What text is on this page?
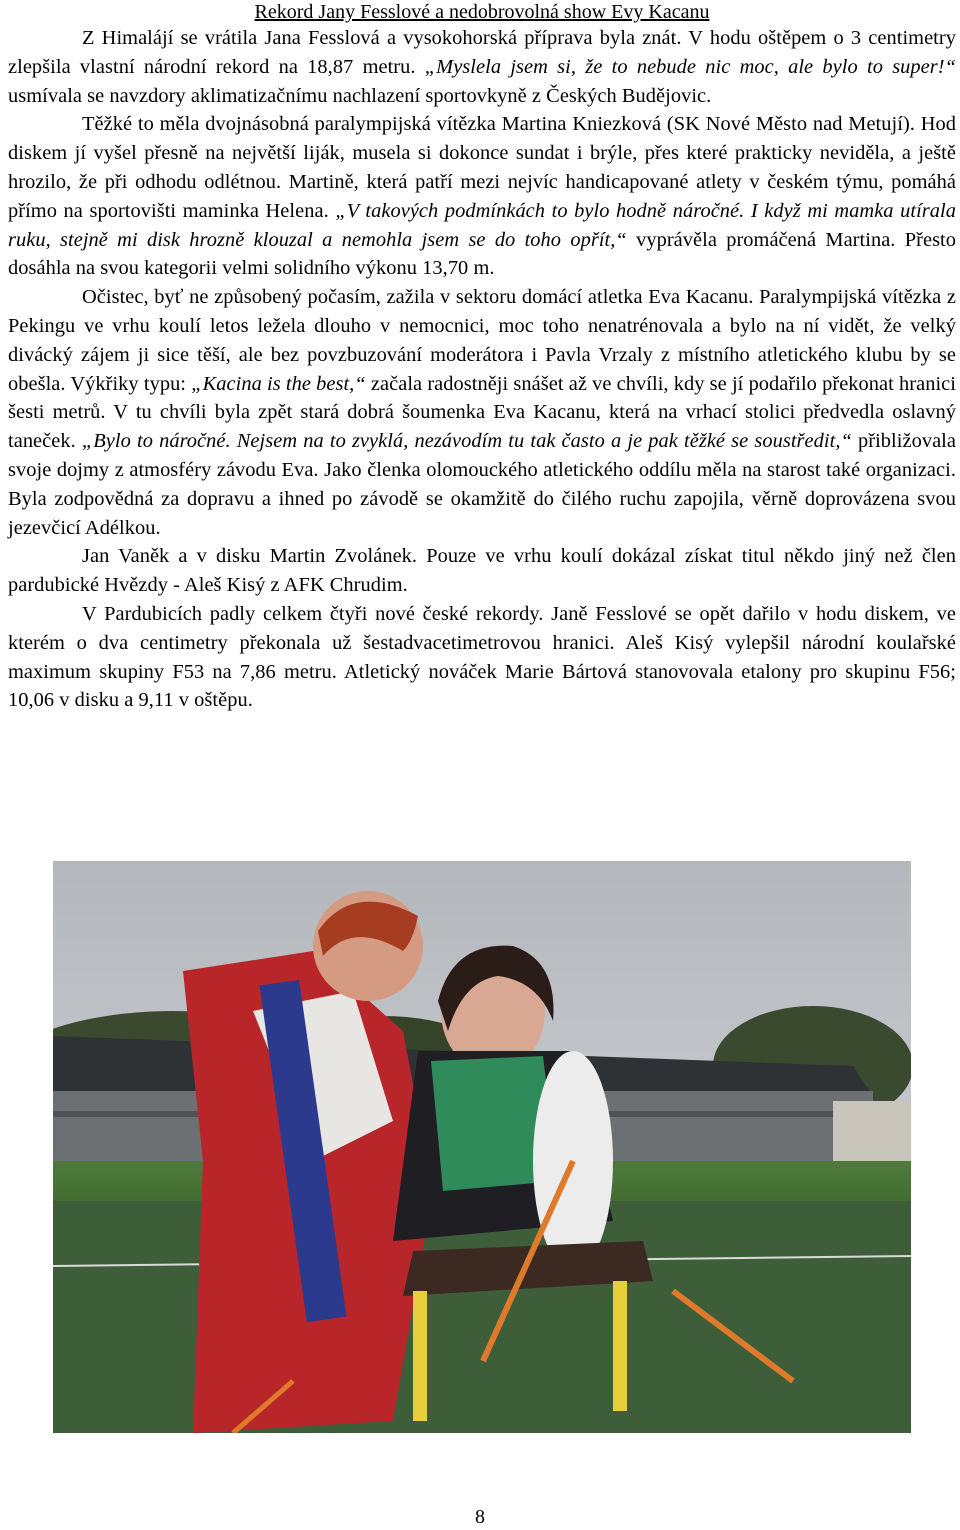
Rekord Jany Fesslové a nedobrovolná show Evy Kacanu

Z Himalájí se vrátila Jana Fesslová a vysokohorská příprava byla znát. V hodu oštěpem o 3 centimetry zlepšila vlastní národní rekord na 18,87 metru. „Myslela jsem si, že to nebude nic moc, ale bylo to super!“ usmívala se navzdory aklimatizačnímu nachlazení sportovkyně z Českých Budějovic.

Těžké to měla dvojnásobná paralympijská vítězka Martina Kniezková (SK Nové Město nad Metují). Hod diskem jí vyšel přesně na největší liják, musela si dokonce sundat i brýle, přes které prakticky neviděla, a ještě hrozilo, že při odhodu odlétnou. Martině, která patří mezi nejvíc handicapované atlety v českém týmu, pomáhá přímo na sportovišti maminka Helena. „V takových podmínkách to bylo hodně náročné. I když mi mamka utírala ruku, stejně mi disk hrozně klouzal a nemohla jsem se do toho opřít,“ vyprávěla promáčená Martina. Přesto dosáhla na svou kategorii velmi solidního výkonu 13,70 m.

Očistec, byť ne způsobený počasím, zažila v sektoru domácí atletka Eva Kacanu. Paralympijská vítězka z Pekingu ve vrhu koulí letos ležela dlouho v nemocnici, moc toho nenatrénovala a bylo na ní vidět, že velký divácký zájem ji sice těší, ale bez povzbuzování moderátora i Pavla Vrzaly z místního atletického klubu by se obešla. Výkřiky typu: „Kacina is the best,“ začala radostněji snášet až ve chvíli, kdy se jí podařilo překonat hranici šesti metrů. V tu chvíli byla zpět stará dobrá šoumenka Eva Kacanu, která na vrhací stolici předvedla oslavný taneček. „Bylo to náročné. Nejsem na to zvyklá, nezávodím tu tak často a je pak těžké se soustředit,“ přibližovala svoje dojmy z atmosféry závodu Eva. Jako členka olomouckého atletického oddílu měla na starost také organizaci. Byla zodpovědná za dopravu a ihned po závodě se okamžitě do čilého ruchu zapojila, věrně doprovázena svou jezevčicí Adélkou.

Jan Vaněk a v disku Martin Zvolánek. Pouze ve vrhu koulí dokázal získat titul někdo jiný než člen pardubické Hvězdy - Aleš Kisý z AFK Chrudim.

V Pardubicích padly celkem čtyři nové české rekordy. Janě Fesslové se opět dařilo v hodu diskem, ve kterém o dva centimetry překonala už šestadvacetimetrovou hranici. Aleš Kisý vylepšil národní koulařské maximum skupiny F53 na 7,86 metru. Atletický nováček Marie Bártová stanovovala etalony pro skupinu F56; 10,06 v disku a 9,11 v oštěpu.

8
